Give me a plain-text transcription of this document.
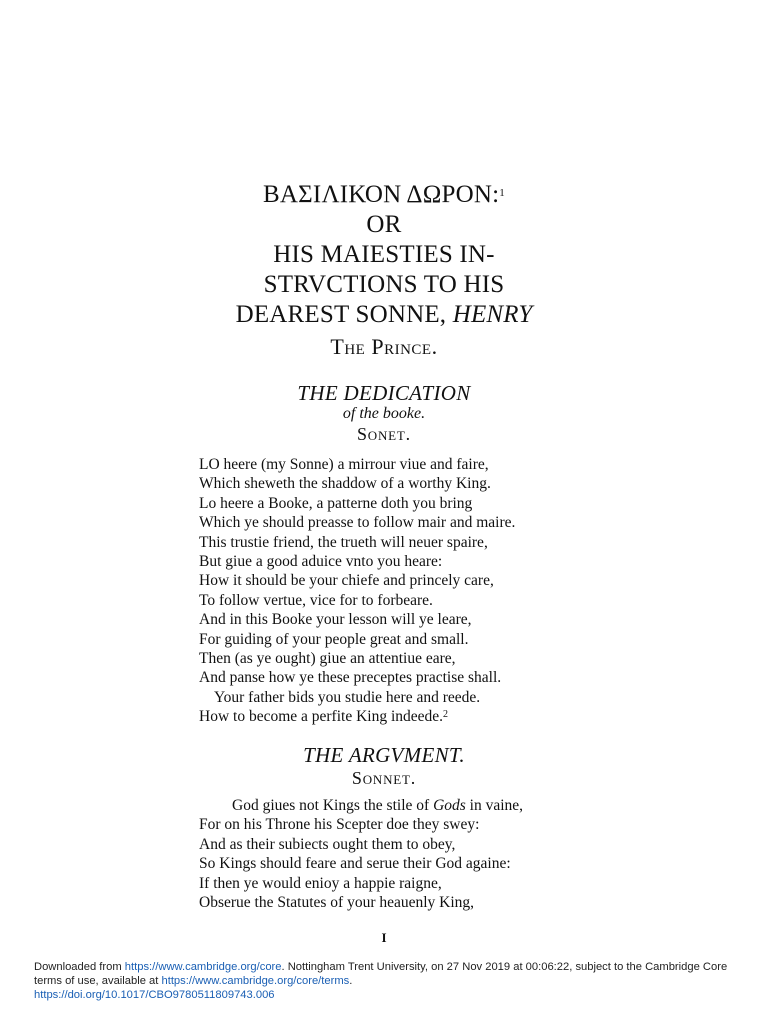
ΒΑΣΙΛΙΚΟΝ ΔΩΡΟΝ:$^1$
OR
HIS MAIESTIES IN-
STRVCTIONS TO HIS
DEAREST SONNE, HENRY
The Prince.
THE DEDICATION
of the booke.
Sonet.
LO heere (my Sonne) a mirrour viue and faire,
Which sheweth the shaddow of a worthy King.
Lo heere a Booke, a patterne doth you bring
Which ye should preasse to follow mair and maire.
This trustie friend, the trueth will neuer spaire,
But giue a good aduice vnto you heare:
How it should be your chiefe and princely care,
To follow vertue, vice for to forbeare.
And in this Booke your lesson will ye leare,
For guiding of your people great and small.
Then (as ye ought) giue an attentiue eare,
And panse how ye these preceptes practise shall.
Your father bids you studie here and reede.
How to become a perfite King indeede.$^2$
THE ARGVMENT.
Sonnet.
God giues not Kings the stile of Gods in vaine,
For on his Throne his Scepter doe they swey:
And as their subiects ought them to obey,
So Kings should feare and serue their God againe:
If then ye would enioy a happie raigne,
Obserue the Statutes of your heauenly King,
I
Downloaded from https://www.cambridge.org/core. Nottingham Trent University, on 27 Nov 2019 at 00:06:22, subject to the Cambridge Core terms of use, available at https://www.cambridge.org/core/terms.
https://doi.org/10.1017/CBO9780511809743.006
